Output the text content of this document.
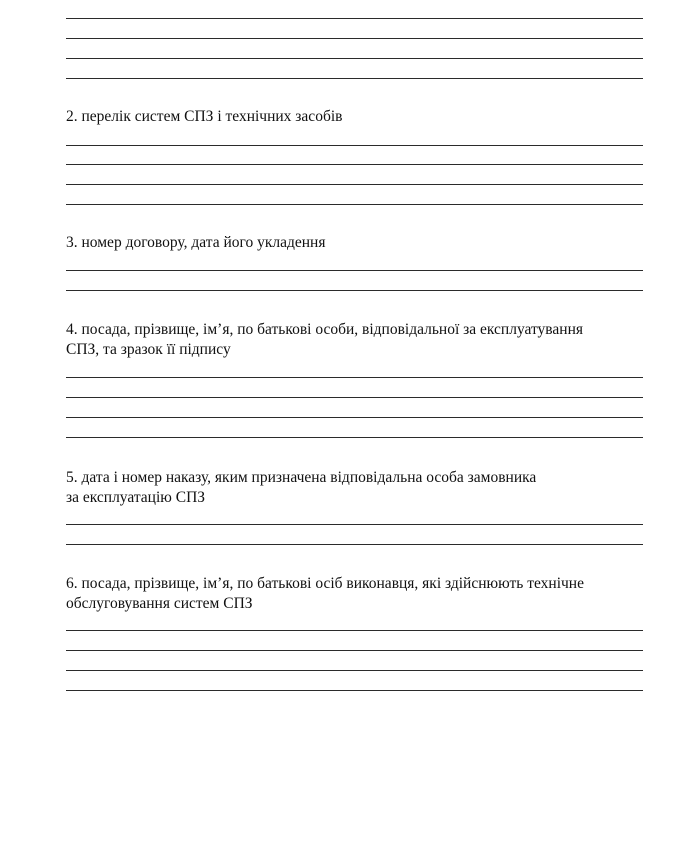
2. перелік систем СПЗ і технічних засобів

3. номер договору, дата його укладення

4. посада, прізвище, ім’я, по батькові особи, відповідальної за експлуатування
СПЗ, та зразок її підпису

5. дата і номер наказу, яким призначена відповідальна особа замовника
за експлуатацію СПЗ

6. посада, прізвище, ім’я, по батькові осіб виконавця, які здійснюють технічне
обслуговування систем СПЗ
